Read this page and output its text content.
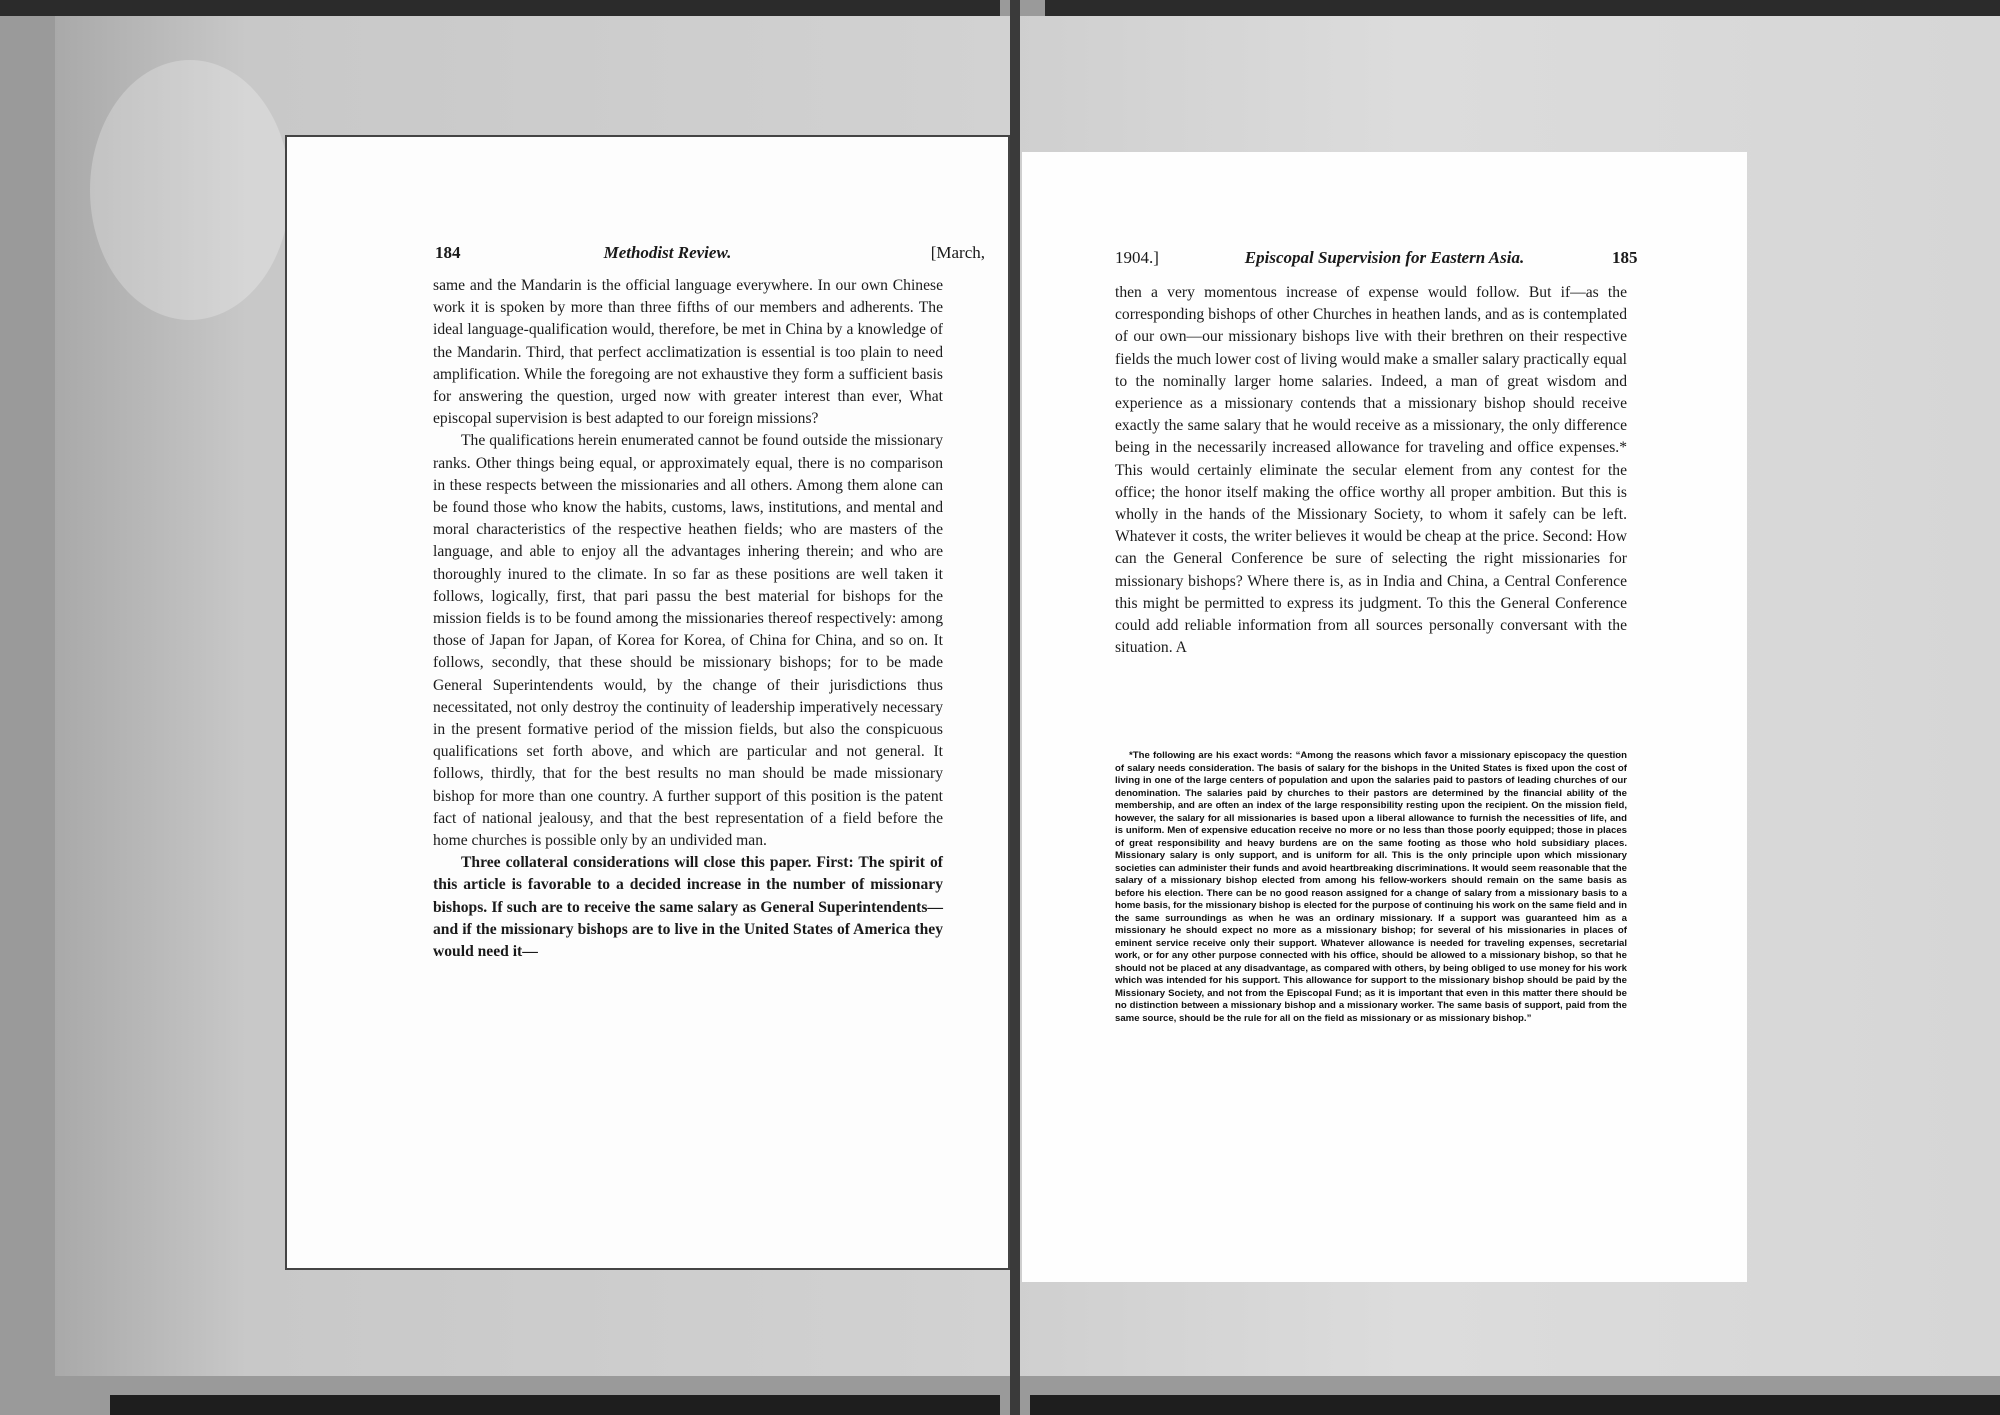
184	Methodist Review.	[March,

same and the Mandarin is the official language everywhere. In our own Chinese work it is spoken by more than three fifths of our members and adherents. The ideal language-qualification would, therefore, be met in China by a knowledge of the Mandarin. Third, that perfect acclimatization is essential is too plain to need amplification. While the foregoing are not exhaustive they form a sufficient basis for answering the question, urged now with greater interest than ever, What episcopal supervision is best adapted to our foreign missions?

The qualifications herein enumerated cannot be found outside the missionary ranks. Other things being equal, or approximately equal, there is no comparison in these respects between the missionaries and all others. Among them alone can be found those who know the habits, customs, laws, institutions, and mental and moral characteristics of the respective heathen fields; who are masters of the language, and able to enjoy all the advantages inhering therein; and who are thoroughly inured to the climate. In so far as these positions are well taken it follows, logically, first, that pari passu the best material for bishops for the mission fields is to be found among the missionaries thereof respectively: among those of Japan for Japan, of Korea for Korea, of China for China, and so on. It follows, secondly, that these should be missionary bishops; for to be made General Superintendents would, by the change of their jurisdictions thus necessitated, not only destroy the continuity of leadership imperatively necessary in the present formative period of the mission fields, but also the conspicuous qualifications set forth above, and which are particular and not general. It follows, thirdly, that for the best results no man should be made missionary bishop for more than one country. A further support of this position is the patent fact of national jealousy, and that the best representation of a field before the home churches is possible only by an undivided man.

Three collateral considerations will close this paper. First: The spirit of this article is favorable to a decided increase in the number of missionary bishops. If such are to receive the same salary as General Superintendents—and if the missionary bishops are to live in the United States of America they would need it—

1904.]	Episcopal Supervision for Eastern Asia.	185

then a very momentous increase of expense would follow. But if—as the corresponding bishops of other Churches in heathen lands, and as is contemplated of our own—our missionary bishops live with their brethren on their respective fields the much lower cost of living would make a smaller salary practically equal to the nominally larger home salaries. Indeed, a man of great wisdom and experience as a missionary contends that a missionary bishop should receive exactly the same salary that he would receive as a missionary, the only difference being in the necessarily increased allowance for traveling and office expenses.* This would certainly eliminate the secular element from any contest for the office; the honor itself making the office worthy all proper ambition. But this is wholly in the hands of the Missionary Society, to whom it safely can be left. Whatever it costs, the writer believes it would be cheap at the price. Second: How can the General Conference be sure of selecting the right missionaries for missionary bishops? Where there is, as in India and China, a Central Conference this might be permitted to express its judgment. To this the General Conference could add reliable information from all sources personally conversant with the situation. A

*The following are his exact words: “Among the reasons which favor a missionary episcopacy the question of salary needs consideration. The basis of salary for the bishops in the United States is fixed upon the cost of living in one of the large centers of population and upon the salaries paid to pastors of leading churches of our denomination. The salaries paid by churches to their pastors are determined by the financial ability of the membership, and are often an index of the large responsibility resting upon the recipient. On the mission field, however, the salary for all missionaries is based upon a liberal allowance to furnish the necessities of life, and is uniform. Men of expensive education receive no more or no less than those poorly equipped; those in places of great responsibility and heavy burdens are on the same footing as those who hold subsidiary places. Missionary salary is only support, and is uniform for all. This is the only principle upon which missionary societies can administer their funds and avoid heartbreaking discriminations. It would seem reasonable that the salary of a missionary bishop elected from among his fellow-workers should remain on the same basis as before his election. There can be no good reason assigned for a change of salary from a missionary basis to a home basis, for the missionary bishop is elected for the purpose of continuing his work on the same field and in the same surroundings as when he was an ordinary missionary. If a support was guaranteed him as a missionary he should expect no more as a missionary bishop; for several of his missionaries in places of eminent service receive only their support. Whatever allowance is needed for traveling expenses, secretarial work, or for any other purpose connected with his office, should be allowed to a missionary bishop, so that he should not be placed at any disadvantage, as compared with others, by being obliged to use money for his work which was intended for his support. This allowance for support to the missionary bishop should be paid by the Missionary Society, and not from the Episcopal Fund; as it is important that even in this matter there should be no distinction between a missionary bishop and a missionary worker. The same basis of support, paid from the same source, should be the rule for all on the field as missionary or as missionary bishop.”
